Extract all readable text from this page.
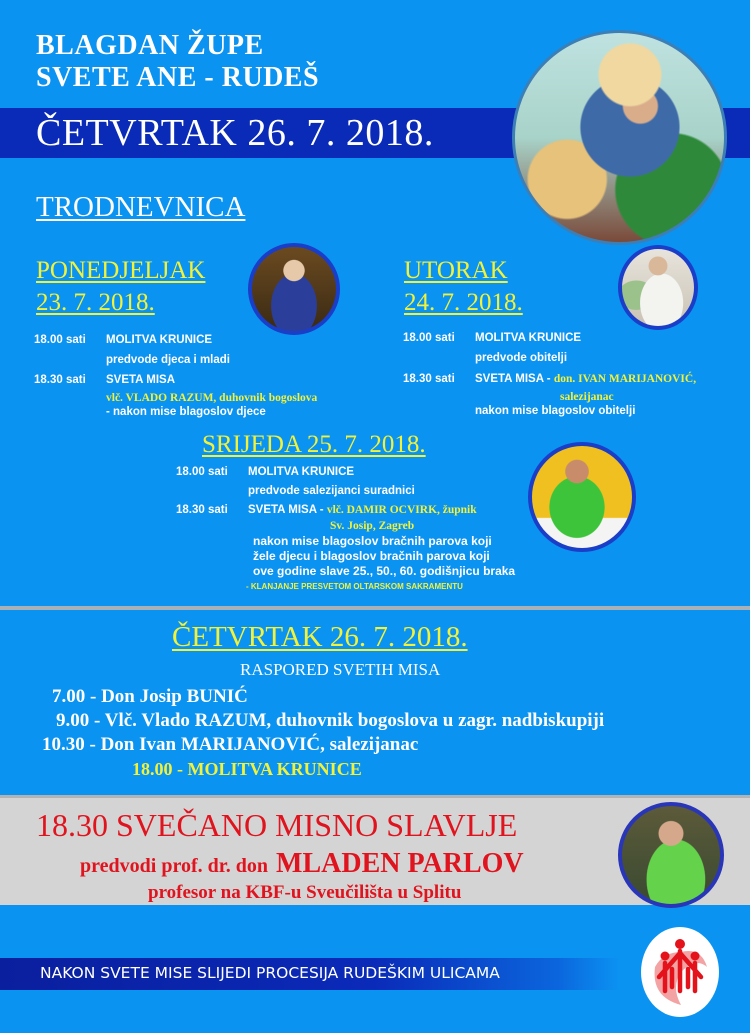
BLAGDAN ŽUPE
SVETE ANE - RUDEŠ
ČETVRTAK 26. 7. 2018.
TRODNEVNICA
PONEDJELJAK
23. 7. 2018.
18.00 sati MOLITVA KRUNICE
predvode djeca i mladi
18.30 sati SVETA MISA
vlč. VLADO RAZUM, duhovnik bogoslova
- nakon mise blagoslov djece
UTORAK
24. 7. 2018.
18.00 sati MOLITVA KRUNICE
predvode obitelji
18.30 sati SVETA MISA - don. IVAN MARIJANOVIĆ,
salezijanac
nakon mise blagoslov obitelji
SRIJEDA 25. 7. 2018.
18.00 sati MOLITVA KRUNICE
predvode salezijanci suradnici
18.30 sati SVETA MISA - vlč. DAMIR OCVIRK, župnik
Sv. Josip, Zagreb
nakon mise blagoslov bračnih parova koji
žele djecu i blagoslov bračnih parova koji
ove godine slave 25., 50., 60. godišnjicu braka
- KLANJANJE PRESVETOM OLTARSKOM SAKRAMENTU
ČETVRTAK 26. 7. 2018.
RASPORED SVETIH MISA
7.00 - Don Josip BUNIĆ
9.00 - Vlč. Vlado RAZUM, duhovnik bogoslova u zagr. nadbiskupiji
10.30 - Don Ivan MARIJANOVIĆ, salezijanac
18.00 - MOLITVA KRUNICE
18.30 SVEČANO MISNO SLAVLJE
predvodi prof. dr. don MLADEN PARLOV
profesor na KBF-u Sveučilišta u Splitu
NAKON SVETE MISE SLIJEDI PROCESIJA RUDEŠKIM ULICAMA
